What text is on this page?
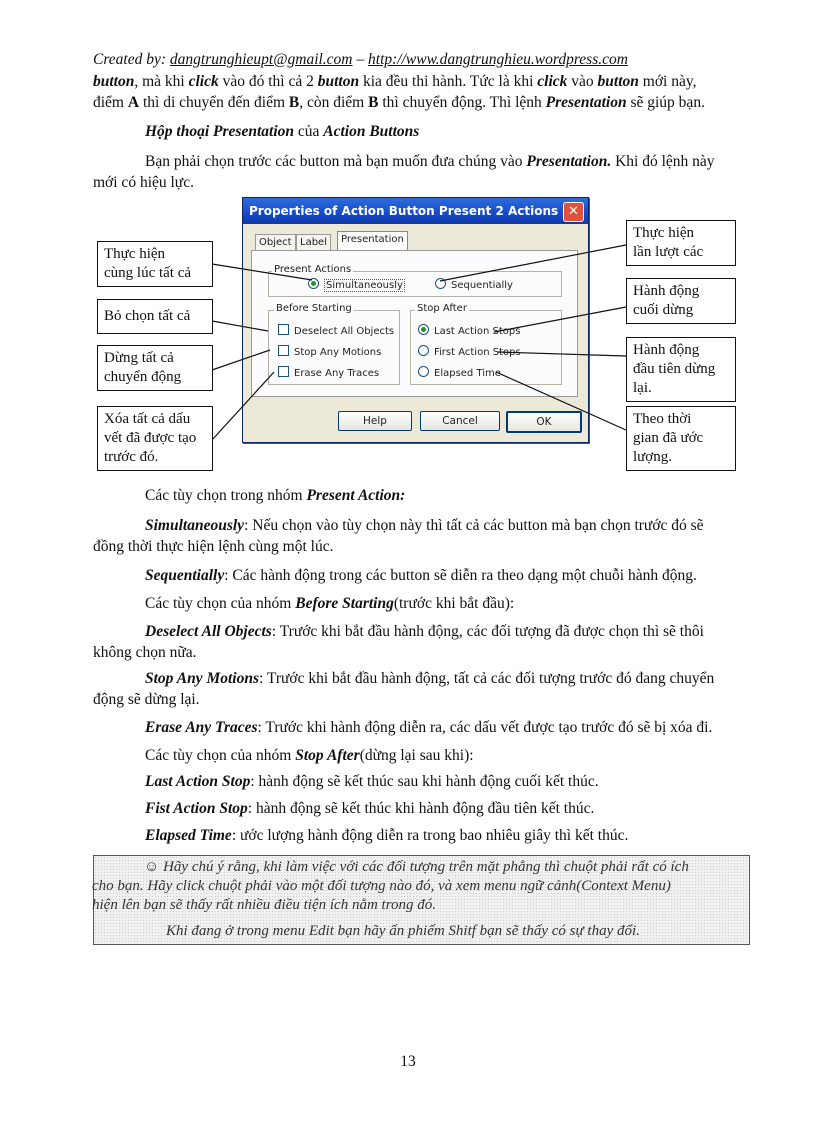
Created by: dangtrunghieupt@gmail.com – http://www.dangtrunghieu.wordpress.com

button, mà khi click vào đó thì cả 2 button kia đều thi hành. Tức là khi click vào button mới này,

điểm A thì di chuyển đến điểm B, còn điểm B thì chuyển động. Thì lệnh Presentation sẽ giúp bạn.

Hộp thoại Presentation của Action Buttons

Bạn phải chọn trước các button mà bạn muốn đưa chúng vào Presentation. Khi đó lệnh này

mới có hiệu lực.

Properties of Action Button Present 2 Actions ✕
Object Label	Presentation
Present Actions
Simultaneously	Sequentially
Before Starting
Deselect All Objects
Stop Any Motions
Erase Any Traces
Stop After
Last Action Stops
First Action Stops
Elapsed Time
Help	Cancel	OK
Thực hiện
cùng lúc tất cả
Bỏ chọn tất cả
Dừng tất cả
chuyển động
Xóa tất cả dấu
vết đã được tạo
trước đó.
Thực hiện
lần lượt các
Hành động
cuối dừng
Hành động
đầu tiên dừng
lại.
Theo thời
gian đã ước
lượng.

Các tùy chọn trong nhóm Present Action:

Simultaneously: Nếu chọn vào tùy chọn này thì tất cả các button mà bạn chọn trước đó sẽ

đồng thời thực hiện lệnh cùng một lúc.

Sequentially: Các hành động trong các button sẽ diễn ra theo dạng một chuỗi hành động.

Các tùy chọn của nhóm Before Starting(trước khi bắt đầu):

Deselect All Objects: Trước khi bắt đầu hành động, các đối tượng đã được chọn thì sẽ thôi

không chọn nữa.

Stop Any Motions: Trước khi bắt đầu hành động, tất cả các đối tượng trước đó đang chuyển

động sẽ dừng lại.

Erase Any Traces: Trước khi hành động diễn ra, các dấu vết được tạo trước đó sẽ bị xóa đi.

Các tùy chọn của nhóm Stop After(dừng lại sau khi):

Last Action Stop: hành động sẽ kết thúc sau khi hành động cuối kết thúc.

Fist Action Stop: hành động sẽ kết thúc khi hành động đầu tiên kết thúc.

Elapsed Time: ước lượng hành động diễn ra trong bao nhiêu giây thì kết thúc.

☺ Hãy chú ý rằng, khi làm việc với các đối tượng trên mặt phẳng thì chuột phải rất có ích

cho bạn. Hãy click chuột phải vào một đối tượng nào đó, và xem menu ngữ cảnh(Context Menu)

hiện lên bạn sẽ thấy rất nhiều điều tiện ích nằm trong đó.

Khi đang ở trong menu Edit bạn hãy ấn phiếm Shitf bạn sẽ thấy có sự thay đổi.

13
